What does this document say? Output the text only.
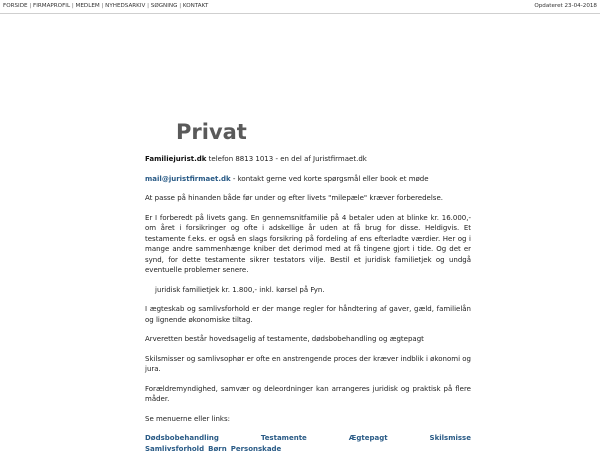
FORSIDE | FIRMAPROFIL | MEDLEM | NYHEDSARKIV | SØGNING | KONTAKT	Opdateret 23-04-2018
Privat

Familiejurist.dk telefon 8813 1013 - en del af Juristfirmaet.dk

mail@juristfirmaet.dk - kontakt gerne ved korte spørgsmål eller book et møde

At passe på hinanden både før under og efter livets "milepæle" kræver forberedelse.

Er I forberedt på livets gang. En gennemsnitfamilie på 4 betaler uden at blinke kr. 16.000,- om året i forsikringer og ofte i adskellige år uden at få brug for disse. Heldigvis. Et testamente f.eks. er også en slags forsikring på fordeling af ens efterladte værdier. Her og i mange andre sammenhænge kniber det derimod med at få tingene gjort i tide. Og det er synd, for dette testamente sikrer testators vilje. Bestil et juridisk familietjek og undgå eventuelle problemer senere.

juridisk familietjek kr. 1.800,- inkl. kørsel på Fyn.

I ægteskab og samlivsforhold er der mange regler for håndtering af gaver, gæld, familielån og lignende økonomiske tiltag.

Arveretten består hovedsagelig af testamente, dødsbobehandling og ægtepagt

Skilsmisser og samlivsophør er ofte en anstrengende proces der kræver indblik i økonomi og jura.

Forældremyndighed, samvær og deleordninger kan arrangeres juridisk og praktisk på flere måder.

Se menuerne eller links:

Dødsbobehandling	Testamente	Ægtepagt	Skilsmisse
Samlivsforhold Børn Personskade
